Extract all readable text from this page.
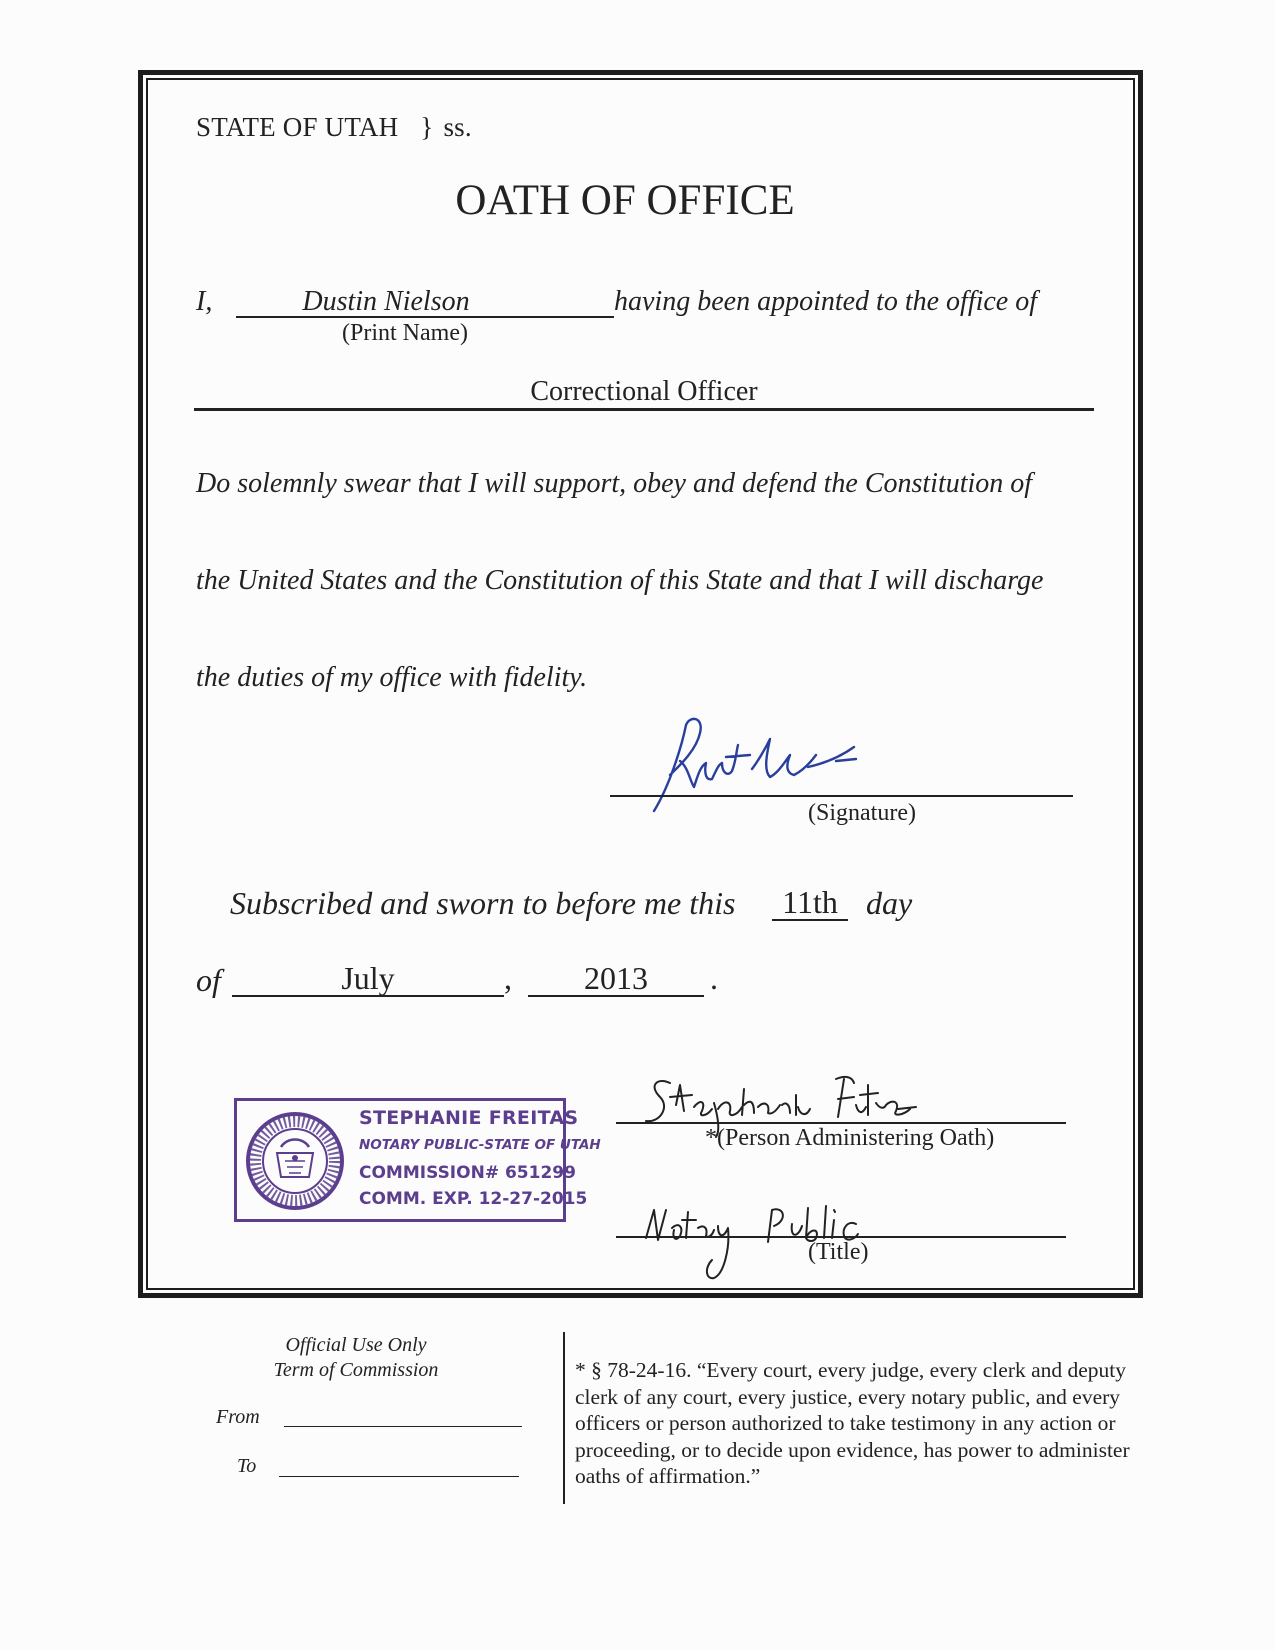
STATE OF UTAH } ss.
OATH OF OFFICE
I,	Dustin Nielson	having been appointed to the office of
(Print Name)
Correctional Officer
Do solemnly swear that I will support, obey and defend the Constitution of
the United States and the Constitution of this State and that I will discharge
the duties of my office with fidelity.
(Signature)
Subscribed and sworn to before me this	11th day
of	July	,	2013	.
STEPHANIE FREITAS
NOTARY PUBLIC-STATE OF UTAH
COMMISSION# 651299
COMM. EXP. 12-27-2015
*(Person Administering Oath)
(Title)
Official Use Only
Term of Commission
From
To
* § 78-24-16. “Every court, every judge, every clerk and deputy clerk of any court, every justice, every notary public, and every officers or person authorized to take testimony in any action or proceeding, or to decide upon evidence, has power to administer oaths of affirmation.”
